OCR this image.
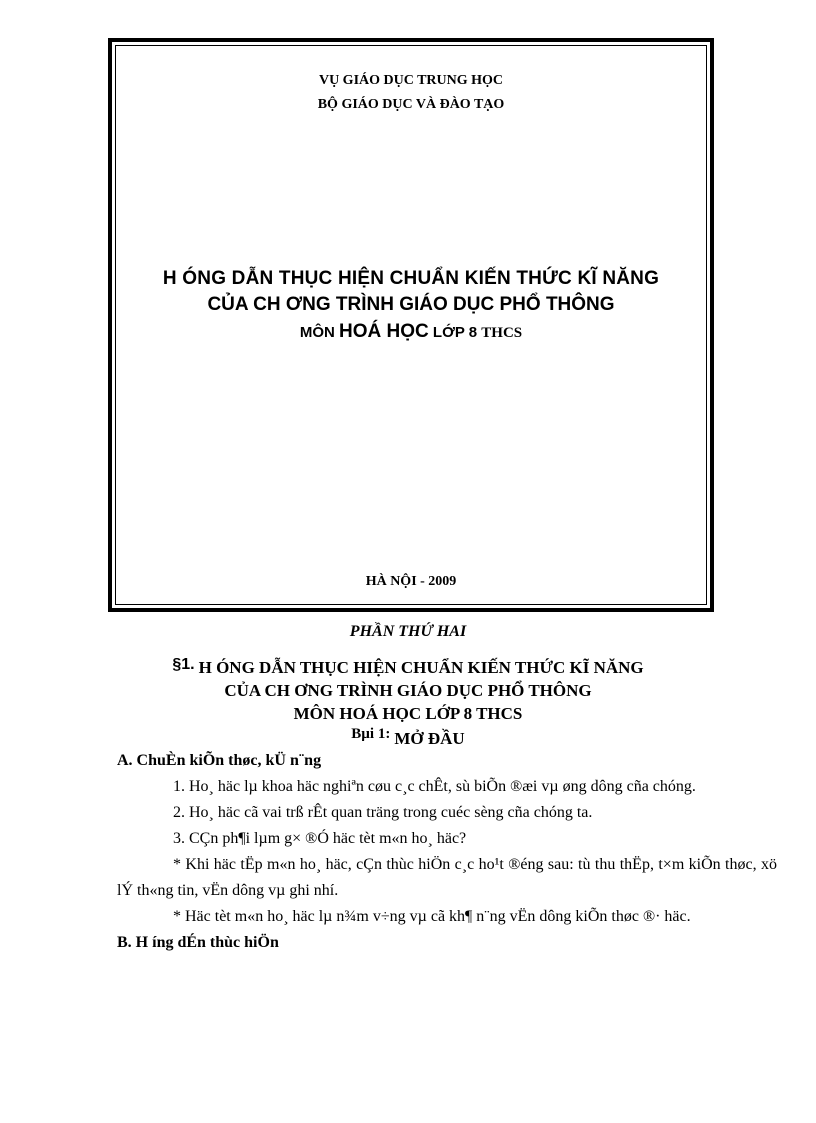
VỤ GIÁO DỤC TRUNG HỌC
BỘ GIÁO DỤC VÀ ĐÀO TẠO
H ÓNG DẪN THỤC HIỆN CHUẨN KIẾN THỨC KĨ NĂNG
CỦA CH ƠNG TRÌNH GIÁO DỤC PHỔ THÔNG
MÔN HOÁ HỌC LỚP 8 THCS
HÀ NỘI - 2009
PHẦN THỨ HAI
§1. H ÓNG DẪN THỤC HIỆN CHUẨN KIẾN THỨC KĨ NĂNG
CỦA CH ƠNG TRÌNH GIÁO DỤC PHỔ THÔNG
MÔN HOÁ HỌC LỚP 8 THCS
Bµi 1: MỞ ĐẦU
A. ChuÈn kiÕn thøc, kÜ n¨ng
1. Ho¸ häc lµ khoa häc nghiªn cøu c¸c chÊt, sù biÕn ®æi vµ øng dông cña chóng.
2. Ho¸ häc cã vai trß rÊt quan träng trong cuéc sèng cña chóng ta.
3. CÇn ph¶i lµm g× ®Ó häc tèt m«n ho¸ häc?
* Khi häc tËp m«n ho¸ häc, cÇn thùc hiÖn c¸c ho¹t ®éng sau: tù thu thËp, t×m kiÕn thøc, xö lÝ th«ng tin, vËn dông vµ ghi nhí.
* Häc tèt m«n ho¸ häc lµ n¾m v÷ng vµ cã kh¶ n¨ng vËn dông kiÕn thøc ®· häc.
B. H íng dÉn thùc hiÖn
